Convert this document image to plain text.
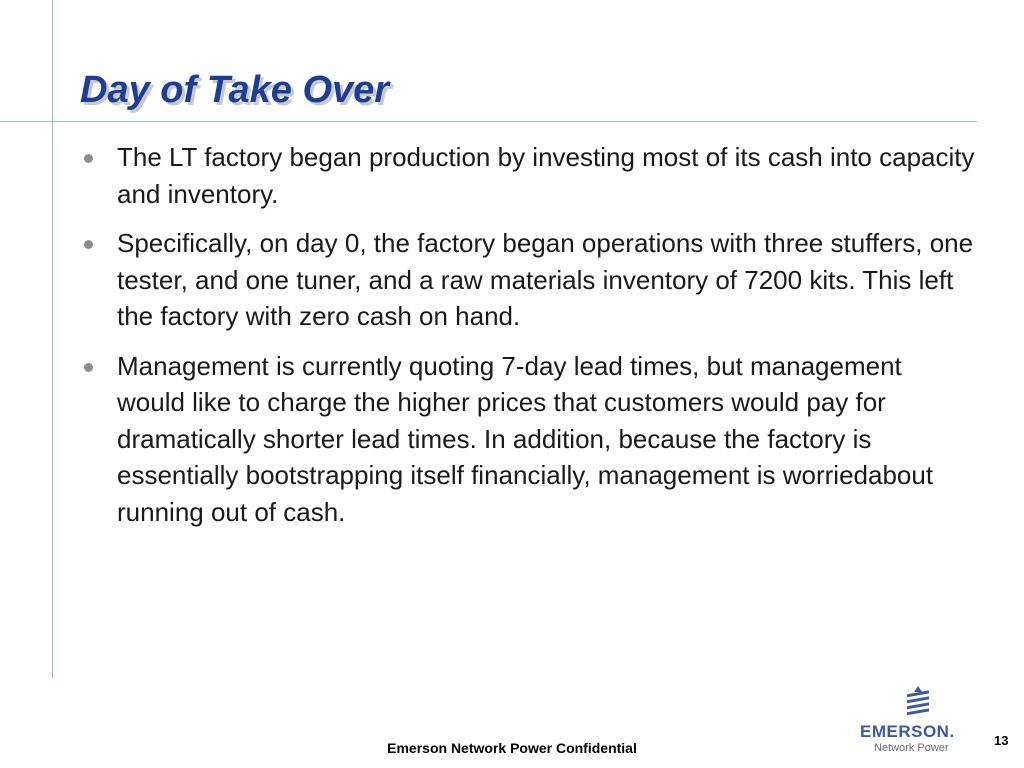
Day of Take Over
The LT factory began production by investing most of its cash into capacity and inventory.
Specifically, on day 0, the factory began operations with three stuffers, one tester, and one tuner, and a raw materials inventory of 7200 kits. This left the factory with zero cash on hand.
Management is currently quoting 7-day lead times, but management would like to charge the higher prices that customers would pay for dramatically shorter lead times. In addition, because the factory is essentially bootstrapping itself financially, management is worriedabout running out of cash.
Emerson Network Power Confidential
EMERSON.
Network Power	13
